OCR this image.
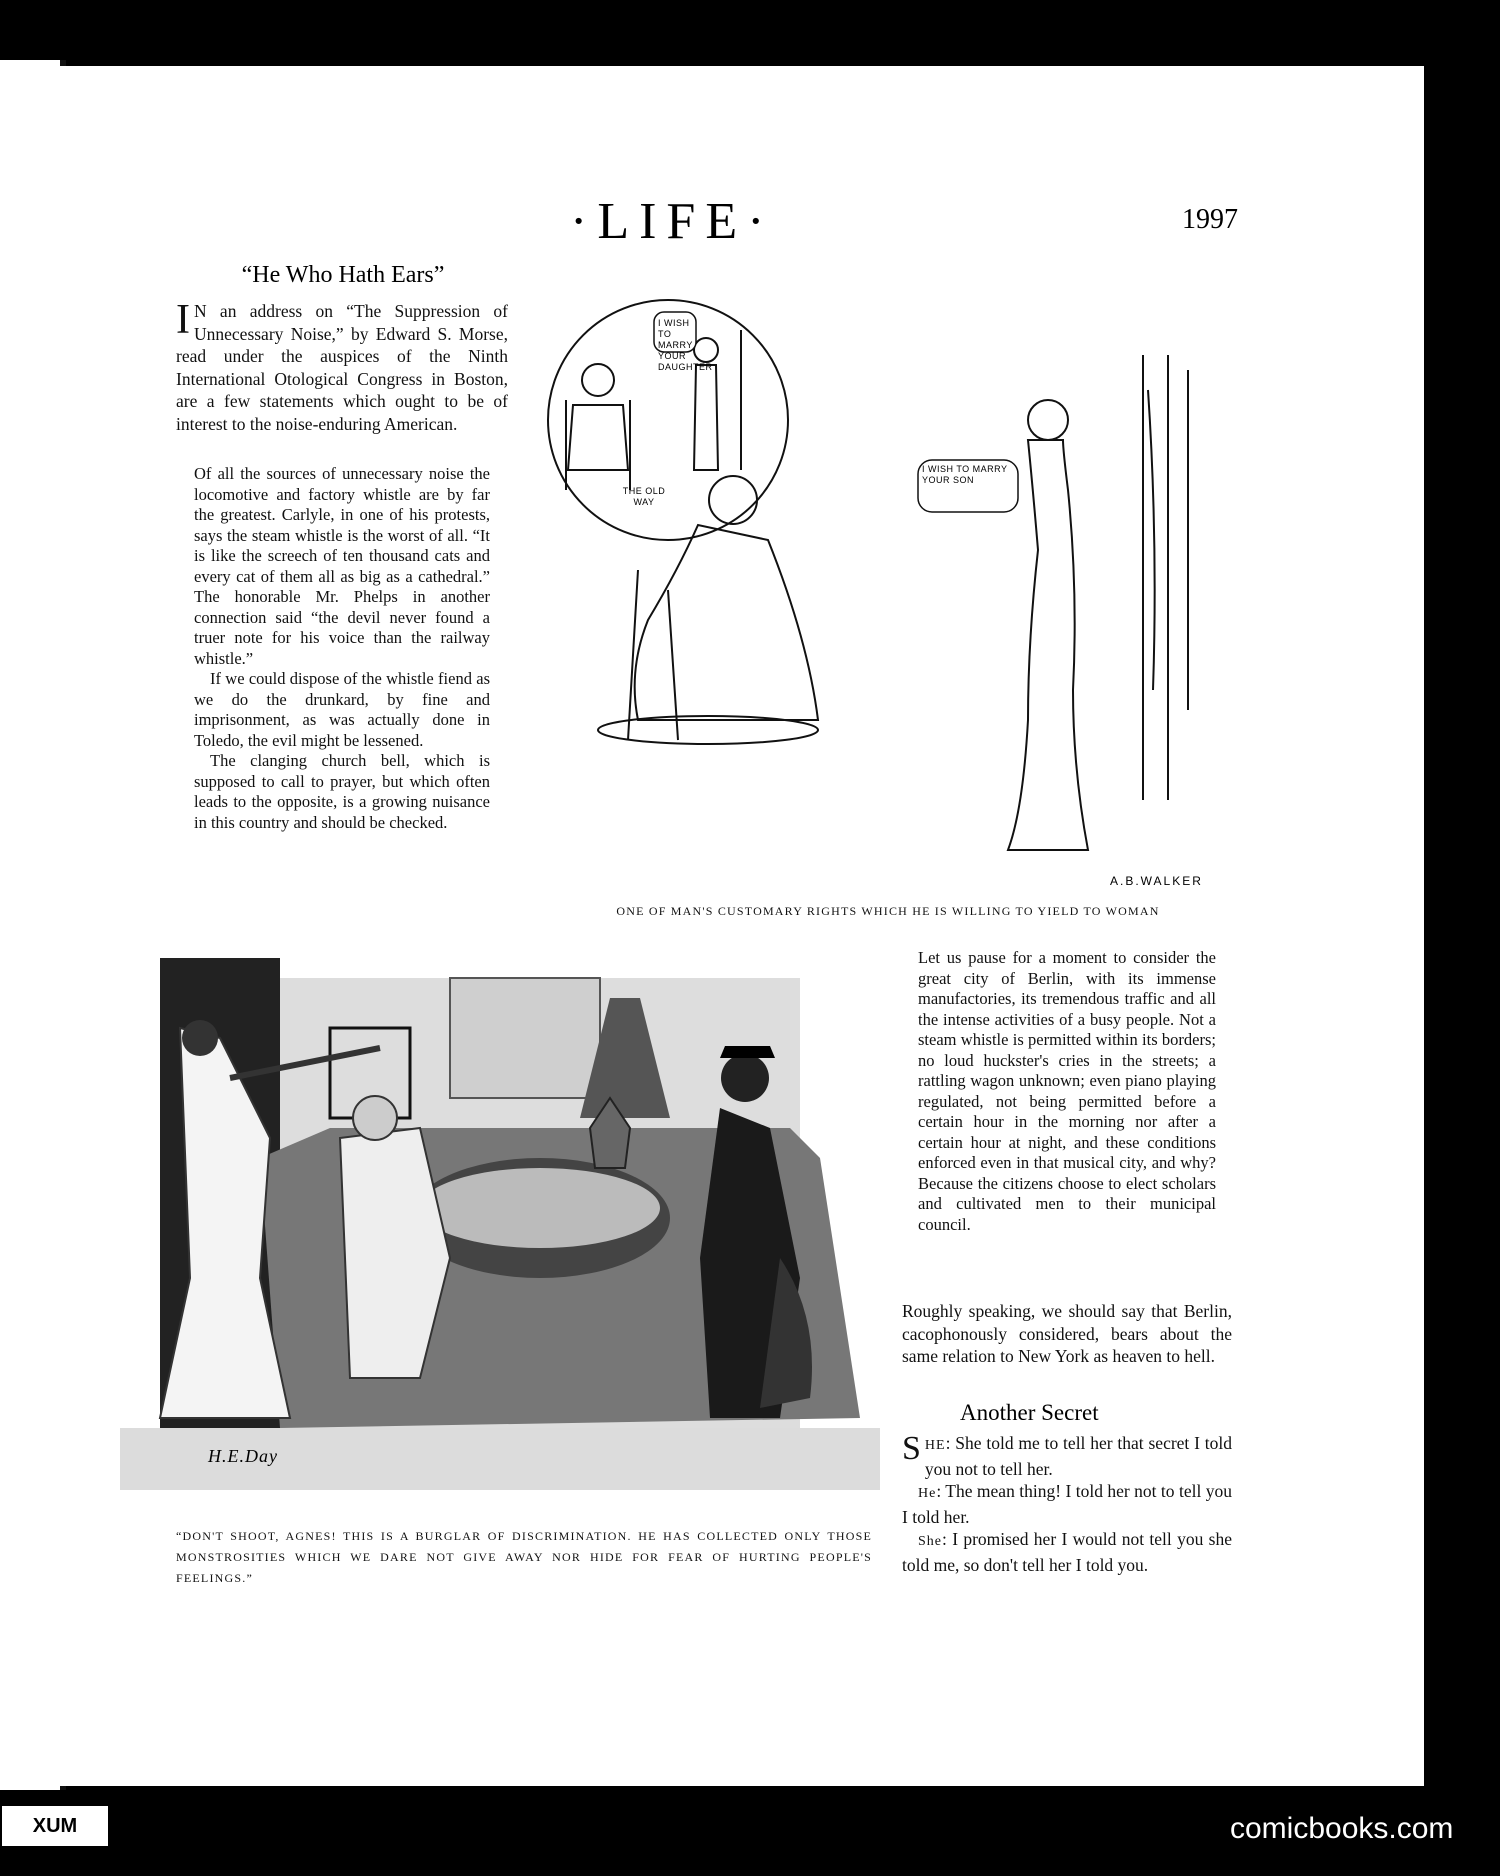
·LIFE·	1997
“He Who Hath Ears”

I N an address on “The Suppression of Unnecessary Noise,” by Edward S. Morse, read under the auspices of the Ninth International Otological Congress in Boston, are a few statements which ought to be of interest to the noise-enduring American.

Of all the sources of unnecessary noise the locomotive and factory whistle are by far the greatest. Carlyle, in one of his protests, says the steam whistle is the worst of all. “It is like the screech of ten thousand cats and every cat of them all as big as a cathedral.” The honorable Mr. Phelps in another connection said “the devil never found a truer note for his voice than the railway whistle.”

If we could dispose of the whistle fiend as we do the drunkard, by fine and imprisonment, as was actually done in Toledo, the evil might be lessened.

The clanging church bell, which is supposed to call to prayer, but which often leads to the opposite, is a growing nuisance in this country and should be checked.

I WISH TO MARRY YOUR DAUGHTER
THE OLD WAY
I WISH TO MARRY YOUR SON
A.B.WALKER
ONE OF MAN'S CUSTOMARY RIGHTS WHICH HE IS WILLING TO YIELD TO WOMAN
H.E.Day
“DON'T SHOOT, AGNES! THIS IS A BURGLAR OF DISCRIMINATION. HE HAS COLLECTED ONLY THOSE MONSTROSITIES WHICH WE DARE NOT GIVE AWAY NOR HIDE FOR FEAR OF HURTING PEOPLE'S FEELINGS.”

Let us pause for a moment to consider the great city of Berlin, with its immense manufactories, its tremendous traffic and all the intense activities of a busy people. Not a steam whistle is permitted within its borders; no loud huckster's cries in the streets; a rattling wagon unknown; even piano playing regulated, not being permitted before a certain hour in the morning nor after a certain hour at night, and these conditions enforced even in that musical city, and why? Because the citizens choose to elect scholars and cultivated men to their municipal council.

Roughly speaking, we should say that Berlin, cacophonously considered, bears about the same relation to New York as heaven to hell.

Another Secret

SHE: She told me to tell her that secret I told you not to tell her.

He: The mean thing! I told her not to tell you I told her.

She: I promised her I would not tell you she told me, so don't tell her I told you.

XUM	comicbooks.com
